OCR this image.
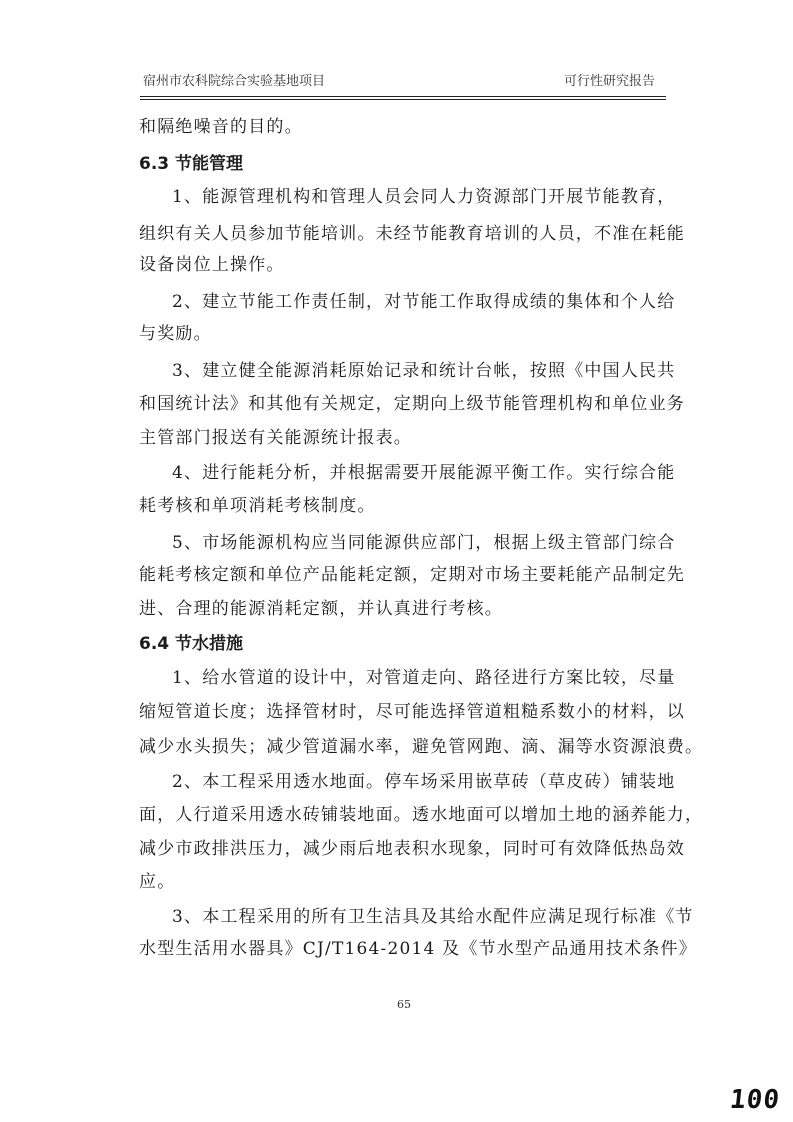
宿州市农科院综合实验基地项目	可行性研究报告
和隔绝噪音的目的。
6.3 节能管理
1、能源管理机构和管理人员会同人力资源部门开展节能教育，
组织有关人员参加节能培训。未经节能教育培训的人员，不准在耗能
设备岗位上操作。
2、建立节能工作责任制，对节能工作取得成绩的集体和个人给
与奖励。
3、建立健全能源消耗原始记录和统计台帐，按照《中国人民共
和国统计法》和其他有关规定，定期向上级节能管理机构和单位业务
主管部门报送有关能源统计报表。
4、进行能耗分析，并根据需要开展能源平衡工作。实行综合能
耗考核和单项消耗考核制度。
5、市场能源机构应当同能源供应部门，根据上级主管部门综合
能耗考核定额和单位产品能耗定额，定期对市场主要耗能产品制定先
进、合理的能源消耗定额，并认真进行考核。
6.4 节水措施
1、给水管道的设计中，对管道走向、路径进行方案比较，尽量
缩短管道长度；选择管材时，尽可能选择管道粗糙系数小的材料，以
减少水头损失；减少管道漏水率，避免管网跑、滴、漏等水资源浪费。
2、本工程采用透水地面。停车场采用嵌草砖（草皮砖）铺装地
面，人行道采用透水砖铺装地面。透水地面可以增加土地的涵养能力，
减少市政排洪压力，减少雨后地表积水现象，同时可有效降低热岛效
应。
3、本工程采用的所有卫生洁具及其给水配件应满足现行标准《节
水型生活用水器具》CJ/T164-2014 及《节水型产品通用技术条件》
65
100
